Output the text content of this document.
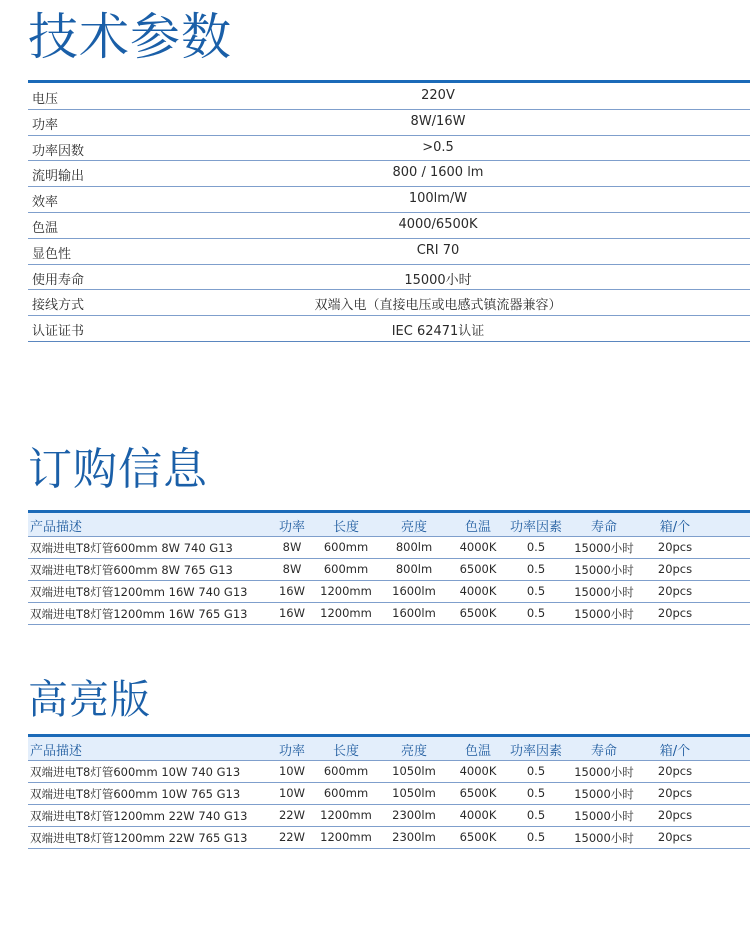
技术参数
电压	220V
功率	8W/16W
功率因数	>0.5
流明输出	800 / 1600 lm
效率	100lm/W
色温	4000/6500K
显色性	CRI 70
使用寿命	15000小时
接线方式	双端入电（直接电压或电感式镇流器兼容）
认证证书	IEC 62471认证
订购信息
产品描述	功率	长度	亮度	色温	功率因素	寿命	箱/个
双端进电T8灯管600mm 8W 740 G13	8W	600mm	800lm	4000K	0.5	15000小时	20pcs
双端进电T8灯管600mm 8W 765 G13	8W	600mm	800lm	6500K	0.5	15000小时	20pcs
双端进电T8灯管1200mm 16W 740 G13	16W	1200mm	1600lm	4000K	0.5	15000小时	20pcs
双端进电T8灯管1200mm 16W 765 G13	16W	1200mm	1600lm	6500K	0.5	15000小时	20pcs
高亮版
产品描述	功率	长度	亮度	色温	功率因素	寿命	箱/个
双端进电T8灯管600mm 10W 740 G13	10W	600mm	1050lm	4000K	0.5	15000小时	20pcs
双端进电T8灯管600mm 10W 765 G13	10W	600mm	1050lm	6500K	0.5	15000小时	20pcs
双端进电T8灯管1200mm 22W 740 G13	22W	1200mm	2300lm	4000K	0.5	15000小时	20pcs
双端进电T8灯管1200mm 22W 765 G13	22W	1200mm	2300lm	6500K	0.5	15000小时	20pcs
